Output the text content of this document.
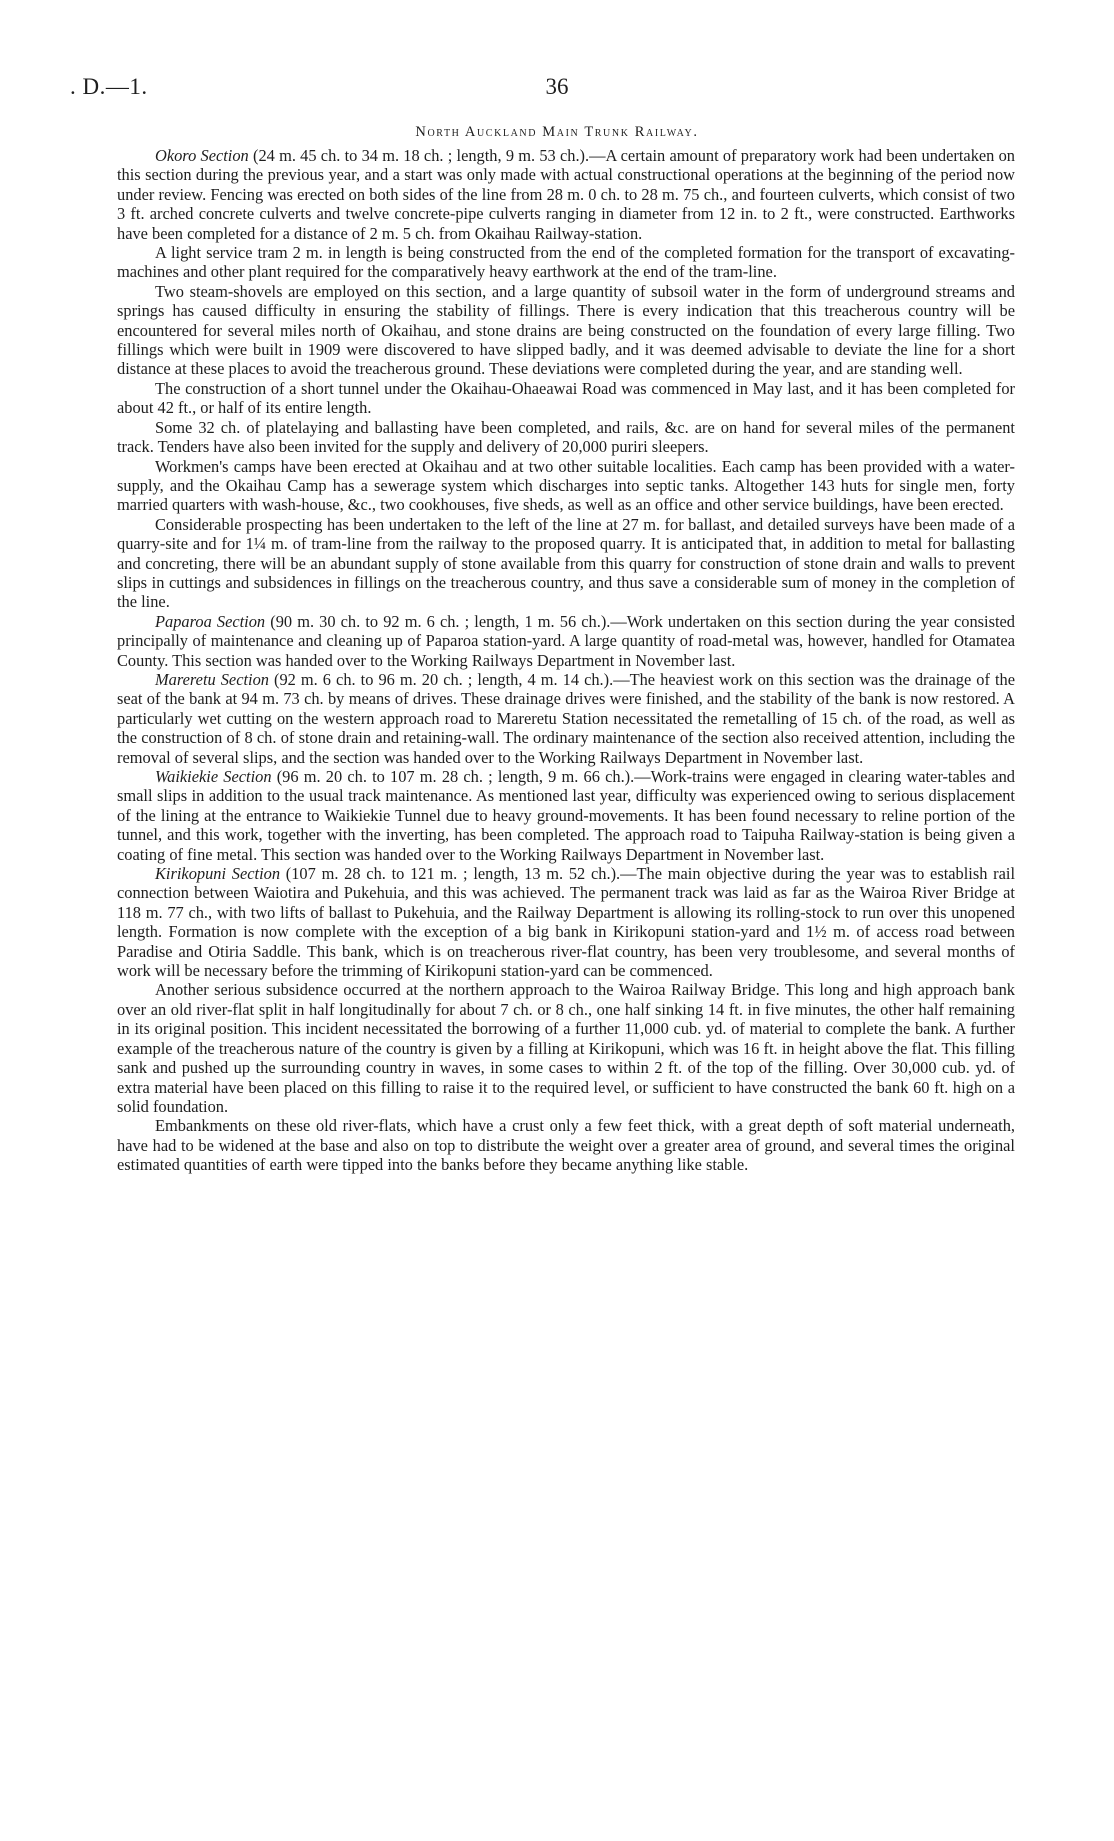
. D.—1.	36
North Auckland Main Trunk Railway.

Okoro Section (24 m. 45 ch. to 34 m. 18 ch. ; length, 9 m. 53 ch.).—A certain amount of preparatory work had been undertaken on this section during the previous year, and a start was only made with actual constructional operations at the beginning of the period now under review. Fencing was erected on both sides of the line from 28 m. 0 ch. to 28 m. 75 ch., and fourteen culverts, which consist of two 3 ft. arched concrete culverts and twelve concrete-pipe culverts ranging in diameter from 12 in. to 2 ft., were constructed. Earthworks have been completed for a distance of 2 m. 5 ch. from Okaihau Railway-station.

A light service tram 2 m. in length is being constructed from the end of the completed formation for the transport of excavating-machines and other plant required for the comparatively heavy earthwork at the end of the tram-line.

Two steam-shovels are employed on this section, and a large quantity of subsoil water in the form of underground streams and springs has caused difficulty in ensuring the stability of fillings. There is every indication that this treacherous country will be encountered for several miles north of Okaihau, and stone drains are being constructed on the foundation of every large filling. Two fillings which were built in 1909 were discovered to have slipped badly, and it was deemed advisable to deviate the line for a short distance at these places to avoid the treacherous ground. These deviations were completed during the year, and are standing well.

The construction of a short tunnel under the Okaihau-Ohaeawai Road was commenced in May last, and it has been completed for about 42 ft., or half of its entire length.

Some 32 ch. of platelaying and ballasting have been completed, and rails, &c. are on hand for several miles of the permanent track. Tenders have also been invited for the supply and delivery of 20,000 puriri sleepers.

Workmen's camps have been erected at Okaihau and at two other suitable localities. Each camp has been provided with a water-supply, and the Okaihau Camp has a sewerage system which discharges into septic tanks. Altogether 143 huts for single men, forty married quarters with wash-house, &c., two cookhouses, five sheds, as well as an office and other service buildings, have been erected.

Considerable prospecting has been undertaken to the left of the line at 27 m. for ballast, and detailed surveys have been made of a quarry-site and for 1¼ m. of tram-line from the railway to the proposed quarry. It is anticipated that, in addition to metal for ballasting and concreting, there will be an abundant supply of stone available from this quarry for construction of stone drain and walls to prevent slips in cuttings and subsidences in fillings on the treacherous country, and thus save a considerable sum of money in the completion of the line.

Paparoa Section (90 m. 30 ch. to 92 m. 6 ch. ; length, 1 m. 56 ch.).—Work undertaken on this section during the year consisted principally of maintenance and cleaning up of Paparoa station-yard. A large quantity of road-metal was, however, handled for Otamatea County. This section was handed over to the Working Railways Department in November last.

Mareretu Section (92 m. 6 ch. to 96 m. 20 ch. ; length, 4 m. 14 ch.).—The heaviest work on this section was the drainage of the seat of the bank at 94 m. 73 ch. by means of drives. These drainage drives were finished, and the stability of the bank is now restored. A particularly wet cutting on the western approach road to Mareretu Station necessitated the remetalling of 15 ch. of the road, as well as the construction of 8 ch. of stone drain and retaining-wall. The ordinary maintenance of the section also received attention, including the removal of several slips, and the section was handed over to the Working Railways Department in November last.

Waikiekie Section (96 m. 20 ch. to 107 m. 28 ch. ; length, 9 m. 66 ch.).—Work-trains were engaged in clearing water-tables and small slips in addition to the usual track maintenance. As mentioned last year, difficulty was experienced owing to serious displacement of the lining at the entrance to Waikiekie Tunnel due to heavy ground-movements. It has been found necessary to reline portion of the tunnel, and this work, together with the inverting, has been completed. The approach road to Taipuha Railway-station is being given a coating of fine metal. This section was handed over to the Working Railways Department in November last.

Kirikopuni Section (107 m. 28 ch. to 121 m. ; length, 13 m. 52 ch.).—The main objective during the year was to establish rail connection between Waiotira and Pukehuia, and this was achieved. The permanent track was laid as far as the Wairoa River Bridge at 118 m. 77 ch., with two lifts of ballast to Pukehuia, and the Railway Department is allowing its rolling-stock to run over this unopened length. Formation is now complete with the exception of a big bank in Kirikopuni station-yard and 1½ m. of access road between Paradise and Otiria Saddle. This bank, which is on treacherous river-flat country, has been very troublesome, and several months of work will be necessary before the trimming of Kirikopuni station-yard can be commenced.

Another serious subsidence occurred at the northern approach to the Wairoa Railway Bridge. This long and high approach bank over an old river-flat split in half longitudinally for about 7 ch. or 8 ch., one half sinking 14 ft. in five minutes, the other half remaining in its original position. This incident necessitated the borrowing of a further 11,000 cub. yd. of material to complete the bank. A further example of the treacherous nature of the country is given by a filling at Kirikopuni, which was 16 ft. in height above the flat. This filling sank and pushed up the surrounding country in waves, in some cases to within 2 ft. of the top of the filling. Over 30,000 cub. yd. of extra material have been placed on this filling to raise it to the required level, or sufficient to have constructed the bank 60 ft. high on a solid foundation.

Embankments on these old river-flats, which have a crust only a few feet thick, with a great depth of soft material underneath, have had to be widened at the base and also on top to distribute the weight over a greater area of ground, and several times the original estimated quantities of earth were tipped into the banks before they became anything like stable.
